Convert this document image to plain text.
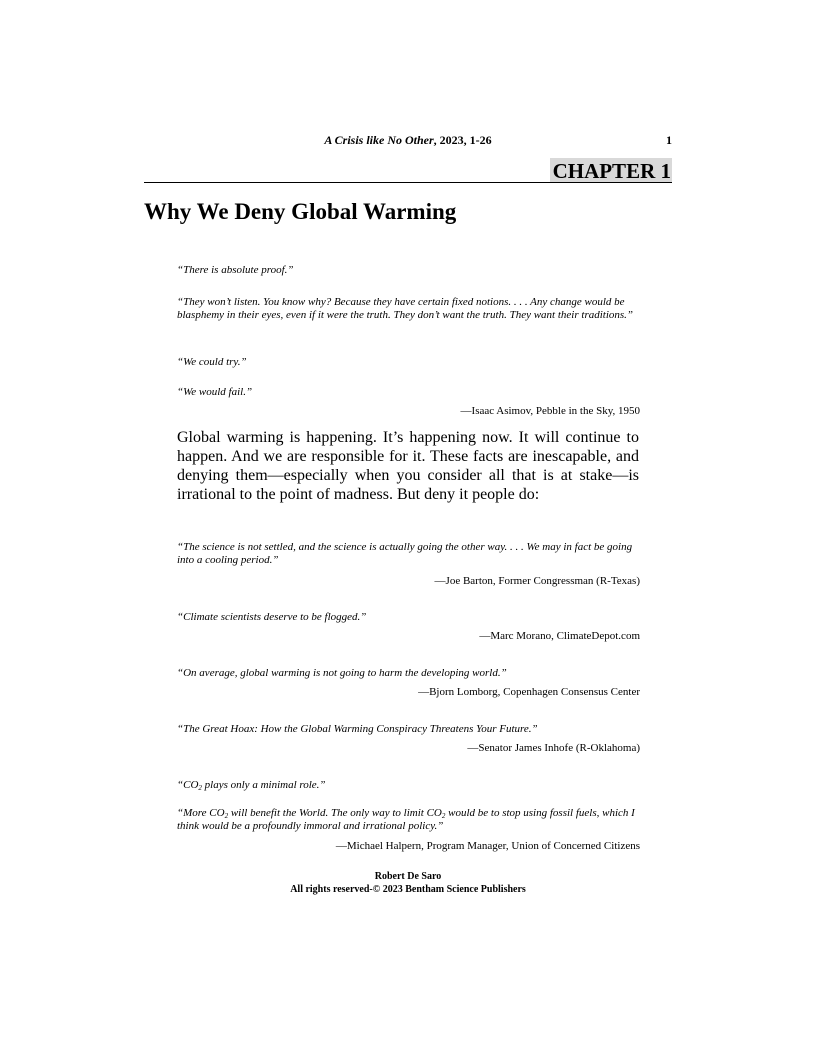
A Crisis like No Other, 2023, 1-26	1
CHAPTER 1
Why We Deny Global Warming
“There is absolute proof.”
“They won’t listen. You know why? Because they have certain fixed notions. . . . Any change would be blasphemy in their eyes, even if it were the truth. They don’t want the truth. They want their traditions.”
“We could try.”
“We would fail.”
—Isaac Asimov, Pebble in the Sky, 1950
Global warming is happening. It’s happening now. It will continue to happen. And we are responsible for it. These facts are inescapable, and denying them—especially when you consider all that is at stake—is irrational to the point of madness. But deny it people do:
“The science is not settled, and the science is actually going the other way. . . . We may in fact be going into a cooling period.”
—Joe Barton, Former Congressman (R-Texas)
“Climate scientists deserve to be flogged.”
—Marc Morano, ClimateDepot.com
“On average, global warming is not going to harm the developing world.”
—Bjorn Lomborg, Copenhagen Consensus Center
“The Great Hoax: How the Global Warming Conspiracy Threatens Your Future.”
—Senator James Inhofe (R-Oklahoma)
“$CO_2$ plays only a minimal role.”
“More $CO_2$ will benefit the World. The only way to limit $CO_2$ would be to stop using fossil fuels, which I think would be a profoundly immoral and irrational policy.”
—Michael Halpern, Program Manager, Union of Concerned Citizens
Robert De Saro
All rights reserved-© 2023 Bentham Science Publishers
